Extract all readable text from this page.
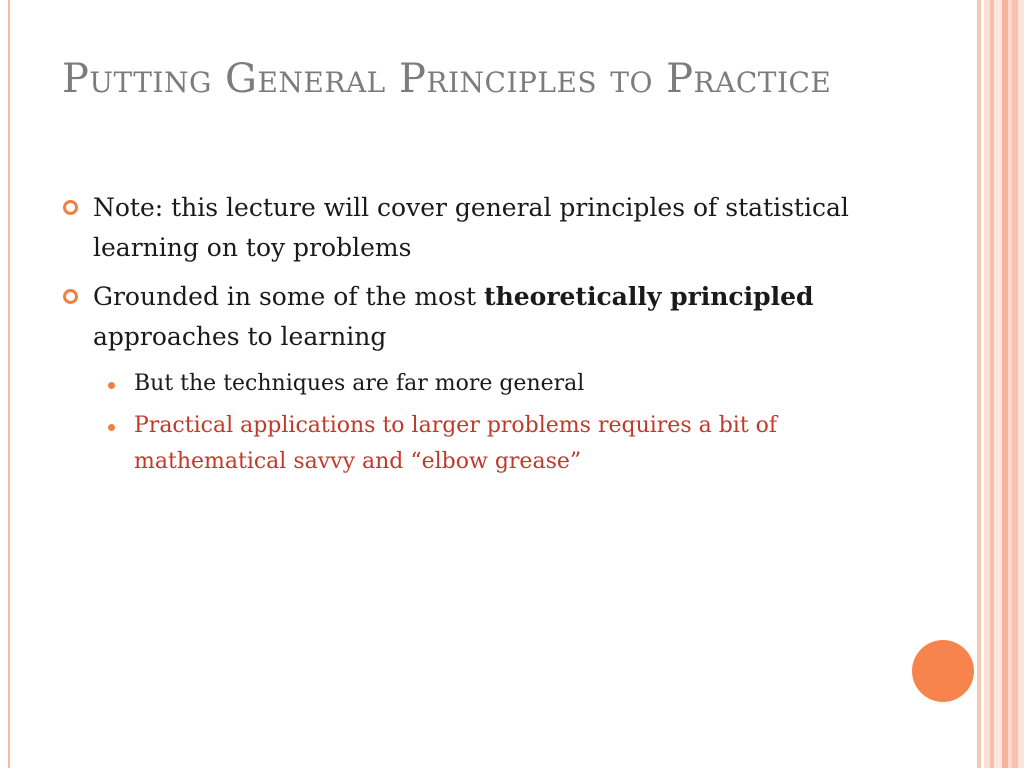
Putting General Principles to Practice
Note: this lecture will cover general principles of statistical learning on toy problems
Grounded in some of the most theoretically principled approaches to learning
But the techniques are far more general
Practical applications to larger problems requires a bit of mathematical savvy and “elbow grease”
